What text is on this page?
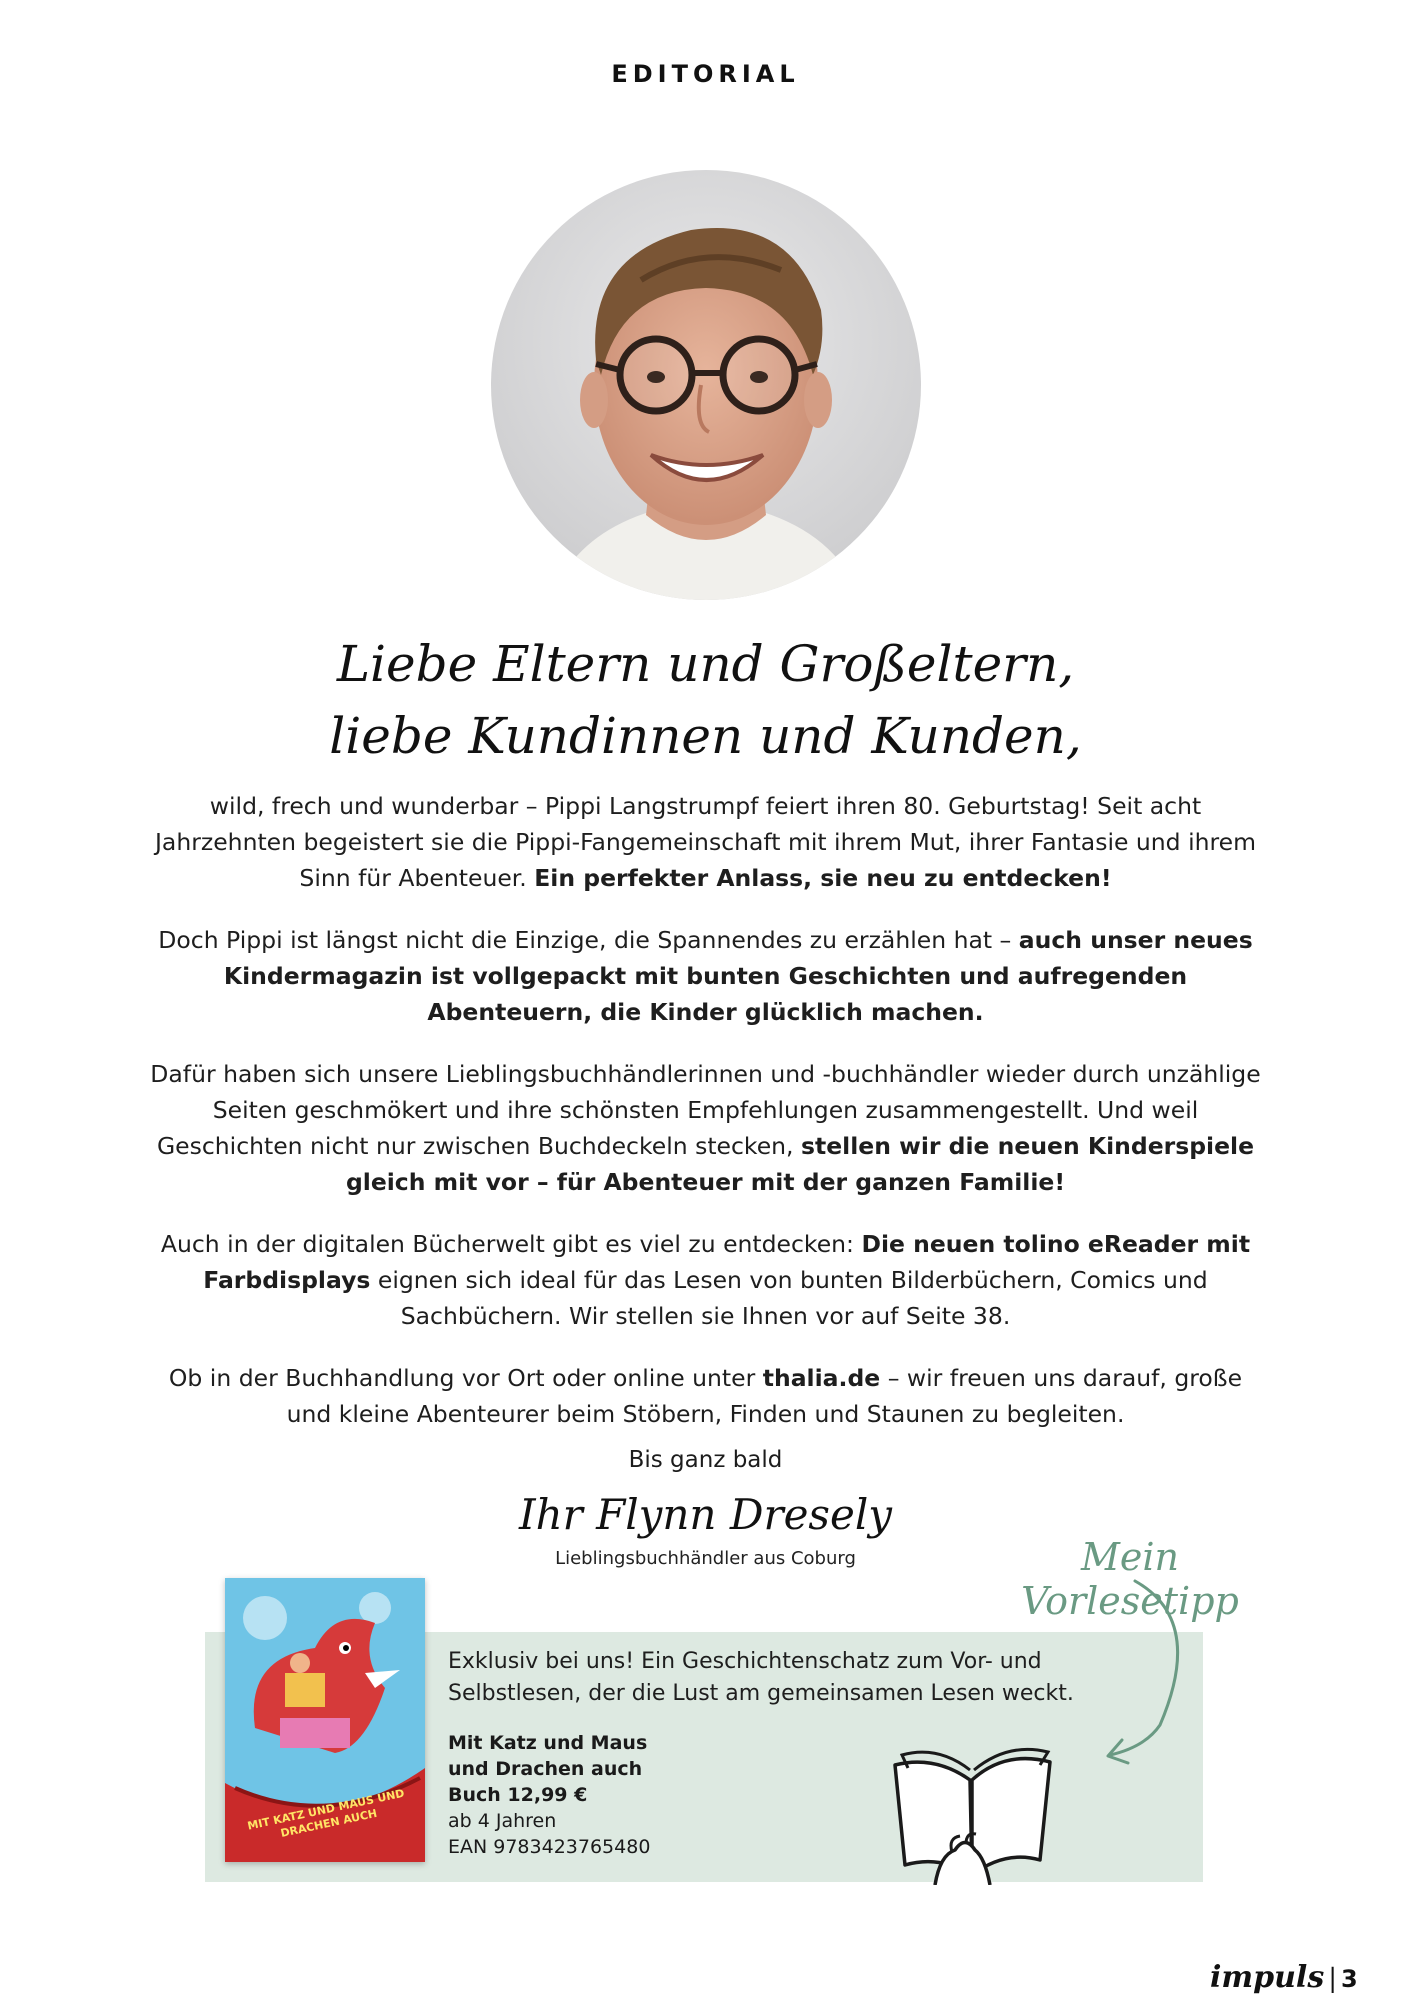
EDITORIAL
Liebe Eltern und Großeltern,
liebe Kundinnen und Kunden,

wild, frech und wunderbar – Pippi Langstrumpf feiert ihren 80. Geburtstag! Seit acht Jahrzehnten begeistert sie die Pippi-Fangemeinschaft mit ihrem Mut, ihrer Fantasie und ihrem Sinn für Abenteuer. Ein perfekter Anlass, sie neu zu entdecken!

Doch Pippi ist längst nicht die Einzige, die Spannendes zu erzählen hat – auch unser neues Kindermagazin ist vollgepackt mit bunten Geschichten und aufregenden Abenteuern, die Kinder glücklich machen.

Dafür haben sich unsere Lieblingsbuchhändlerinnen und -buchhändler wieder durch unzählige Seiten geschmökert und ihre schönsten Empfehlungen zusammengestellt. Und weil Geschichten nicht nur zwischen Buchdeckeln stecken, stellen wir die neuen Kinderspiele gleich mit vor – für Abenteuer mit der ganzen Familie!

Auch in der digitalen Bücherwelt gibt es viel zu entdecken: Die neuen tolino eReader mit Farbdisplays eignen sich ideal für das Lesen von bunten Bilderbüchern, Comics und Sachbüchern. Wir stellen sie Ihnen vor auf Seite 38.

Ob in der Buchhandlung vor Ort oder online unter thalia.de – wir freuen uns darauf, große und kleine Abenteurer beim Stöbern, Finden und Staunen zu begleiten.

Bis ganz bald
Ihr Flynn Dresely
Lieblingsbuchhändler aus Coburg	Mein Vorlesetipp
MIT KATZ UND MAUS UND DRACHEN AUCH
Exklusiv bei uns! Ein Geschichtenschatz zum Vor- und Selbstlesen, der die Lust am gemeinsamen Lesen weckt.
Mit Katz und Maus
und Drachen auch
Buch 12,99 €
ab 4 Jahren
EAN 9783423765480
impuls | 3
